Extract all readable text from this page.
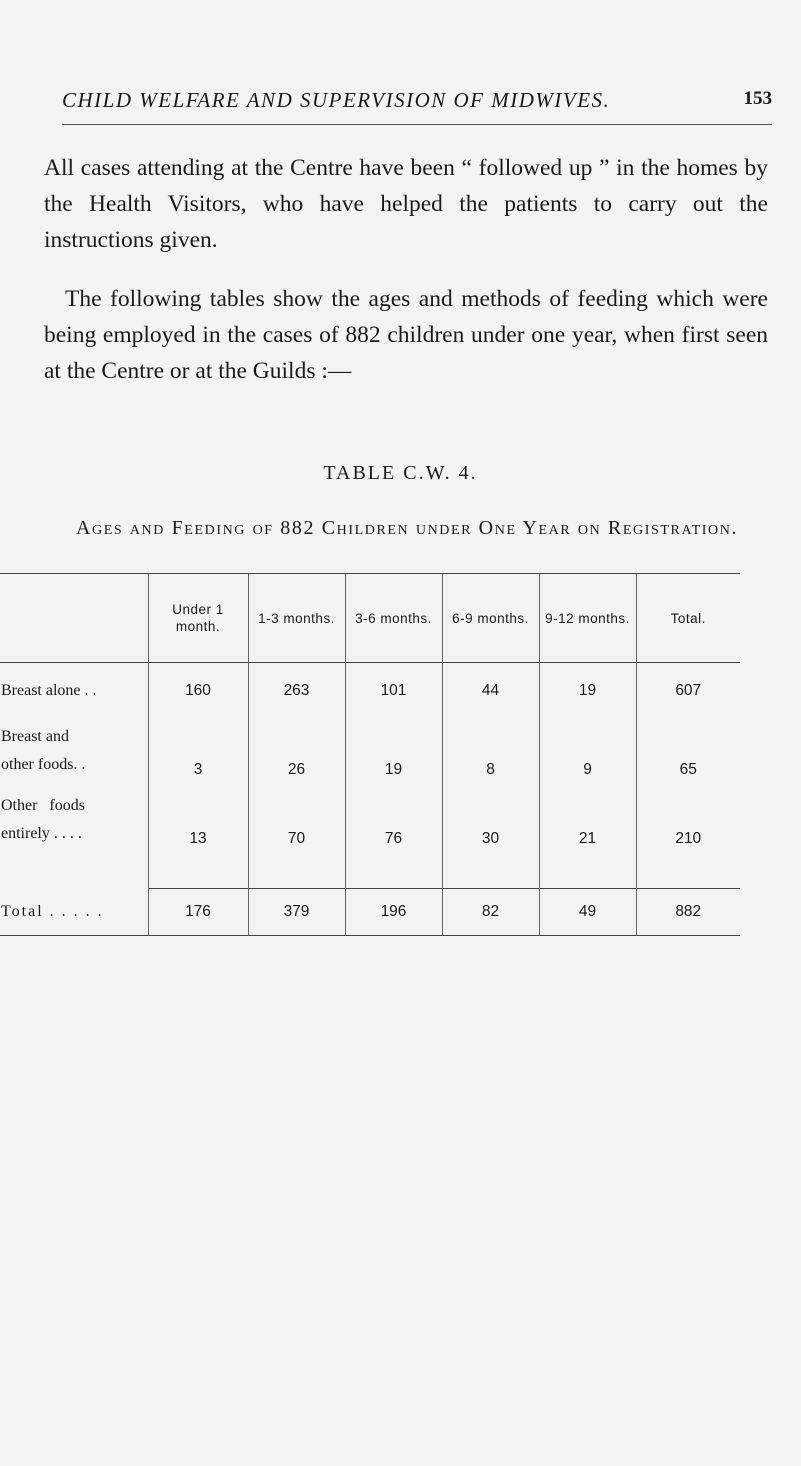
CHILD WELFARE AND SUPERVISION OF MIDWIVES.	153

All cases attending at the Centre have been “ followed up ” in the homes by the Health Visitors, who have helped the patients to carry out the instructions given.

The following tables show the ages and methods of feeding which were being employed in the cases of 882 children under one year, when first seen at the Centre or at the Guilds :—

TABLE C.W. 4.
Ages and Feeding of 882 Children under One Year on Registration.
	Under 1 month.	1-3 months.	3-6 months.	6-9 months.	9-12 months.	Total.
Breast alone . .	160	263	101	44	19	607
Breast and
other foods. .	3	26	19	8	9	65
Other   foods
entirely . . . .	13	70	76	30	21	210

Total . . . . .	176	379	196	82	49	882
